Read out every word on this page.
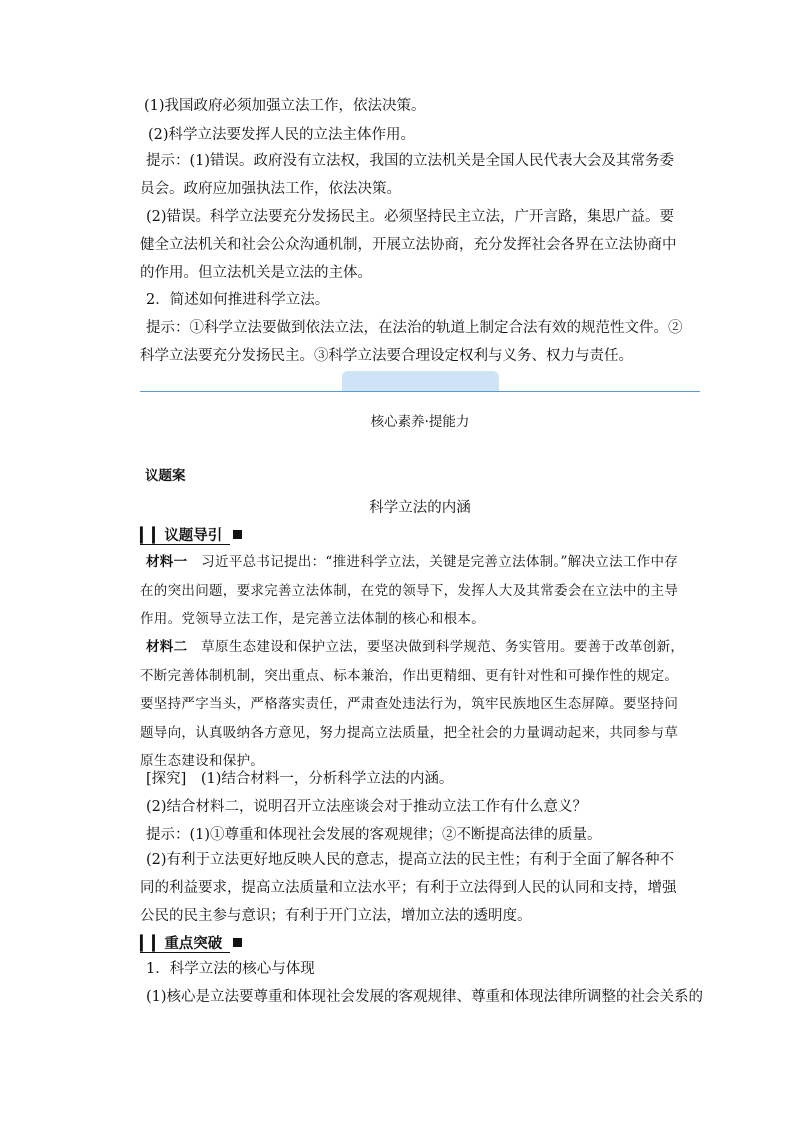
(1)我国政府必须加强立法工作，依法决策。

(2)科学立法要发挥人民的立法主体作用。

提示：(1)错误。政府没有立法权，我国的立法机关是全国人民代表大会及其常务委员会。政府应加强执法工作，依法决策。

(2)错误。科学立法要充分发扬民主。必须坚持民主立法，广开言路，集思广益。要健全立法机关和社会公众沟通机制，开展立法协商，充分发挥社会各界在立法协商中的作用。但立法机关是立法的主体。

2．简述如何推进科学立法。

提示：①科学立法要做到依法立法，在法治的轨道上制定合法有效的规范性文件。②科学立法要充分发扬民主。③科学立法要合理设定权利与义务、权力与责任。

核心素养·提能力
议题案
科学立法的内涵
▎▎议题导引
材料一　 习近平总书记提出：“推进科学立法，关键是完善立法体制。”解决立法工作中存在的突出问题，要求完善立法体制，在党的领导下，发挥人大及其常委会在立法中的主导作用。党领导立法工作，是完善立法体制的核心和根本。
材料二　 草原生态建设和保护立法，要坚决做到科学规范、务实管用。要善于改革创新，不断完善体制机制，突出重点、标本兼治，作出更精细、更有针对性和可操作性的规定。要坚持严字当头，严格落实责任，严肃查处违法行为，筑牢民族地区生态屏障。要坚持问题导向，认真吸纳各方意见，努力提高立法质量，把全社会的力量调动起来，共同参与草原生态建设和保护。

[探究]　(1)结合材料一，分析科学立法的内涵。

(2)结合材料二，说明召开立法座谈会对于推动立法工作有什么意义？

提示：(1)①尊重和体现社会发展的客观规律；②不断提高法律的质量。

(2)有利于立法更好地反映人民的意志，提高立法的民主性；有利于全面了解各种不同的利益要求，提高立法质量和立法水平；有利于立法得到人民的认同和支持，增强公民的民主参与意识；有利于开门立法，增加立法的透明度。

▎▎重点突破

1．科学立法的核心与体现

(1)核心是立法要尊重和体现社会发展的客观规律、尊重和体现法律所调整的社会关系的
